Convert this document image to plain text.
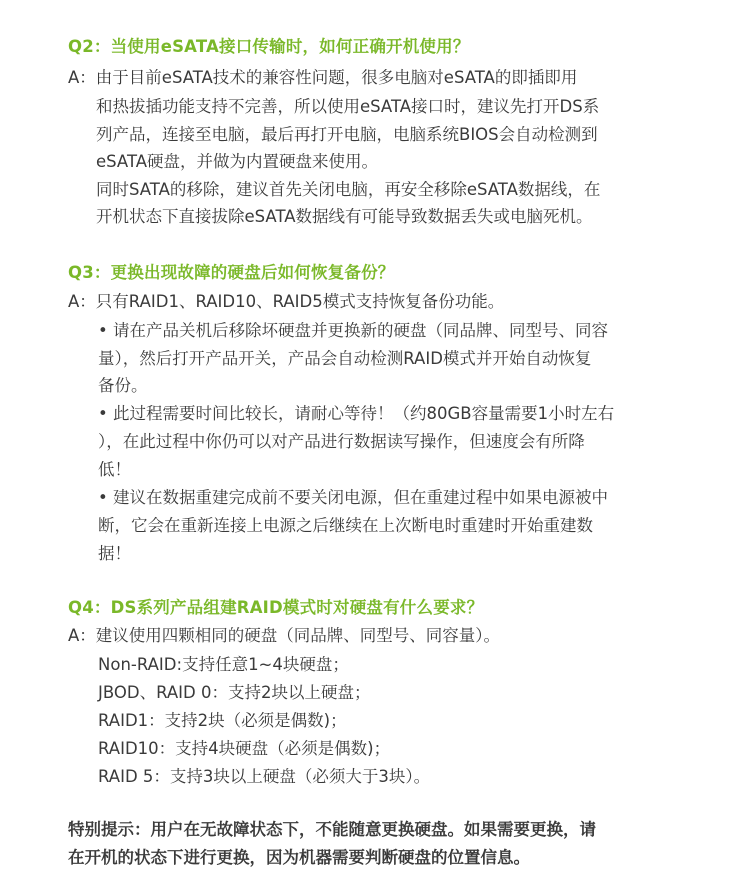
Q2：当使用eSATA接口传输时，如何正确开机使用？
A：由于目前eSATA技术的兼容性问题，很多电脑对eSATA的即插即用
和热拔插功能支持不完善，所以使用eSATA接口时，建议先打开DS系
列产品，连接至电脑，最后再打开电脑，电脑系统BIOS会自动检测到
eSATA硬盘，并做为内置硬盘来使用。
同时SATA的移除，建议首先关闭电脑，再安全移除eSATA数据线，在
开机状态下直接拔除eSATA数据线有可能导致数据丢失或电脑死机。
Q3：更换出现故障的硬盘后如何恢复备份？
A：只有RAID1、RAID10、RAID5模式支持恢复备份功能。
• 请在产品关机后移除坏硬盘并更换新的硬盘（同品牌、同型号、同容
量），然后打开产品开关，产品会自动检测RAID模式并开始自动恢复
备份。
• 此过程需要时间比较长，请耐心等待！（约80GB容量需要1小时左右
），在此过程中你仍可以对产品进行数据读写操作，但速度会有所降
低！
• 建议在数据重建完成前不要关闭电源，但在重建过程中如果电源被中
断，它会在重新连接上电源之后继续在上次断电时重建时开始重建数
据！
Q4：DS系列产品组建RAID模式时对硬盘有什么要求？
A：建议使用四颗相同的硬盘（同品牌、同型号、同容量）。
Non-RAID:支持任意1~4块硬盘；
JBOD、RAID 0：支持2块以上硬盘；
RAID1：支持2块（必须是偶数)；
RAID10：支持4块硬盘（必须是偶数)；
RAID 5：支持3块以上硬盘（必须大于3块）。
特别提示：用户在无故障状态下，不能随意更换硬盘。如果需要更换，请
在开机的状态下进行更换，因为机器需要判断硬盘的位置信息。
